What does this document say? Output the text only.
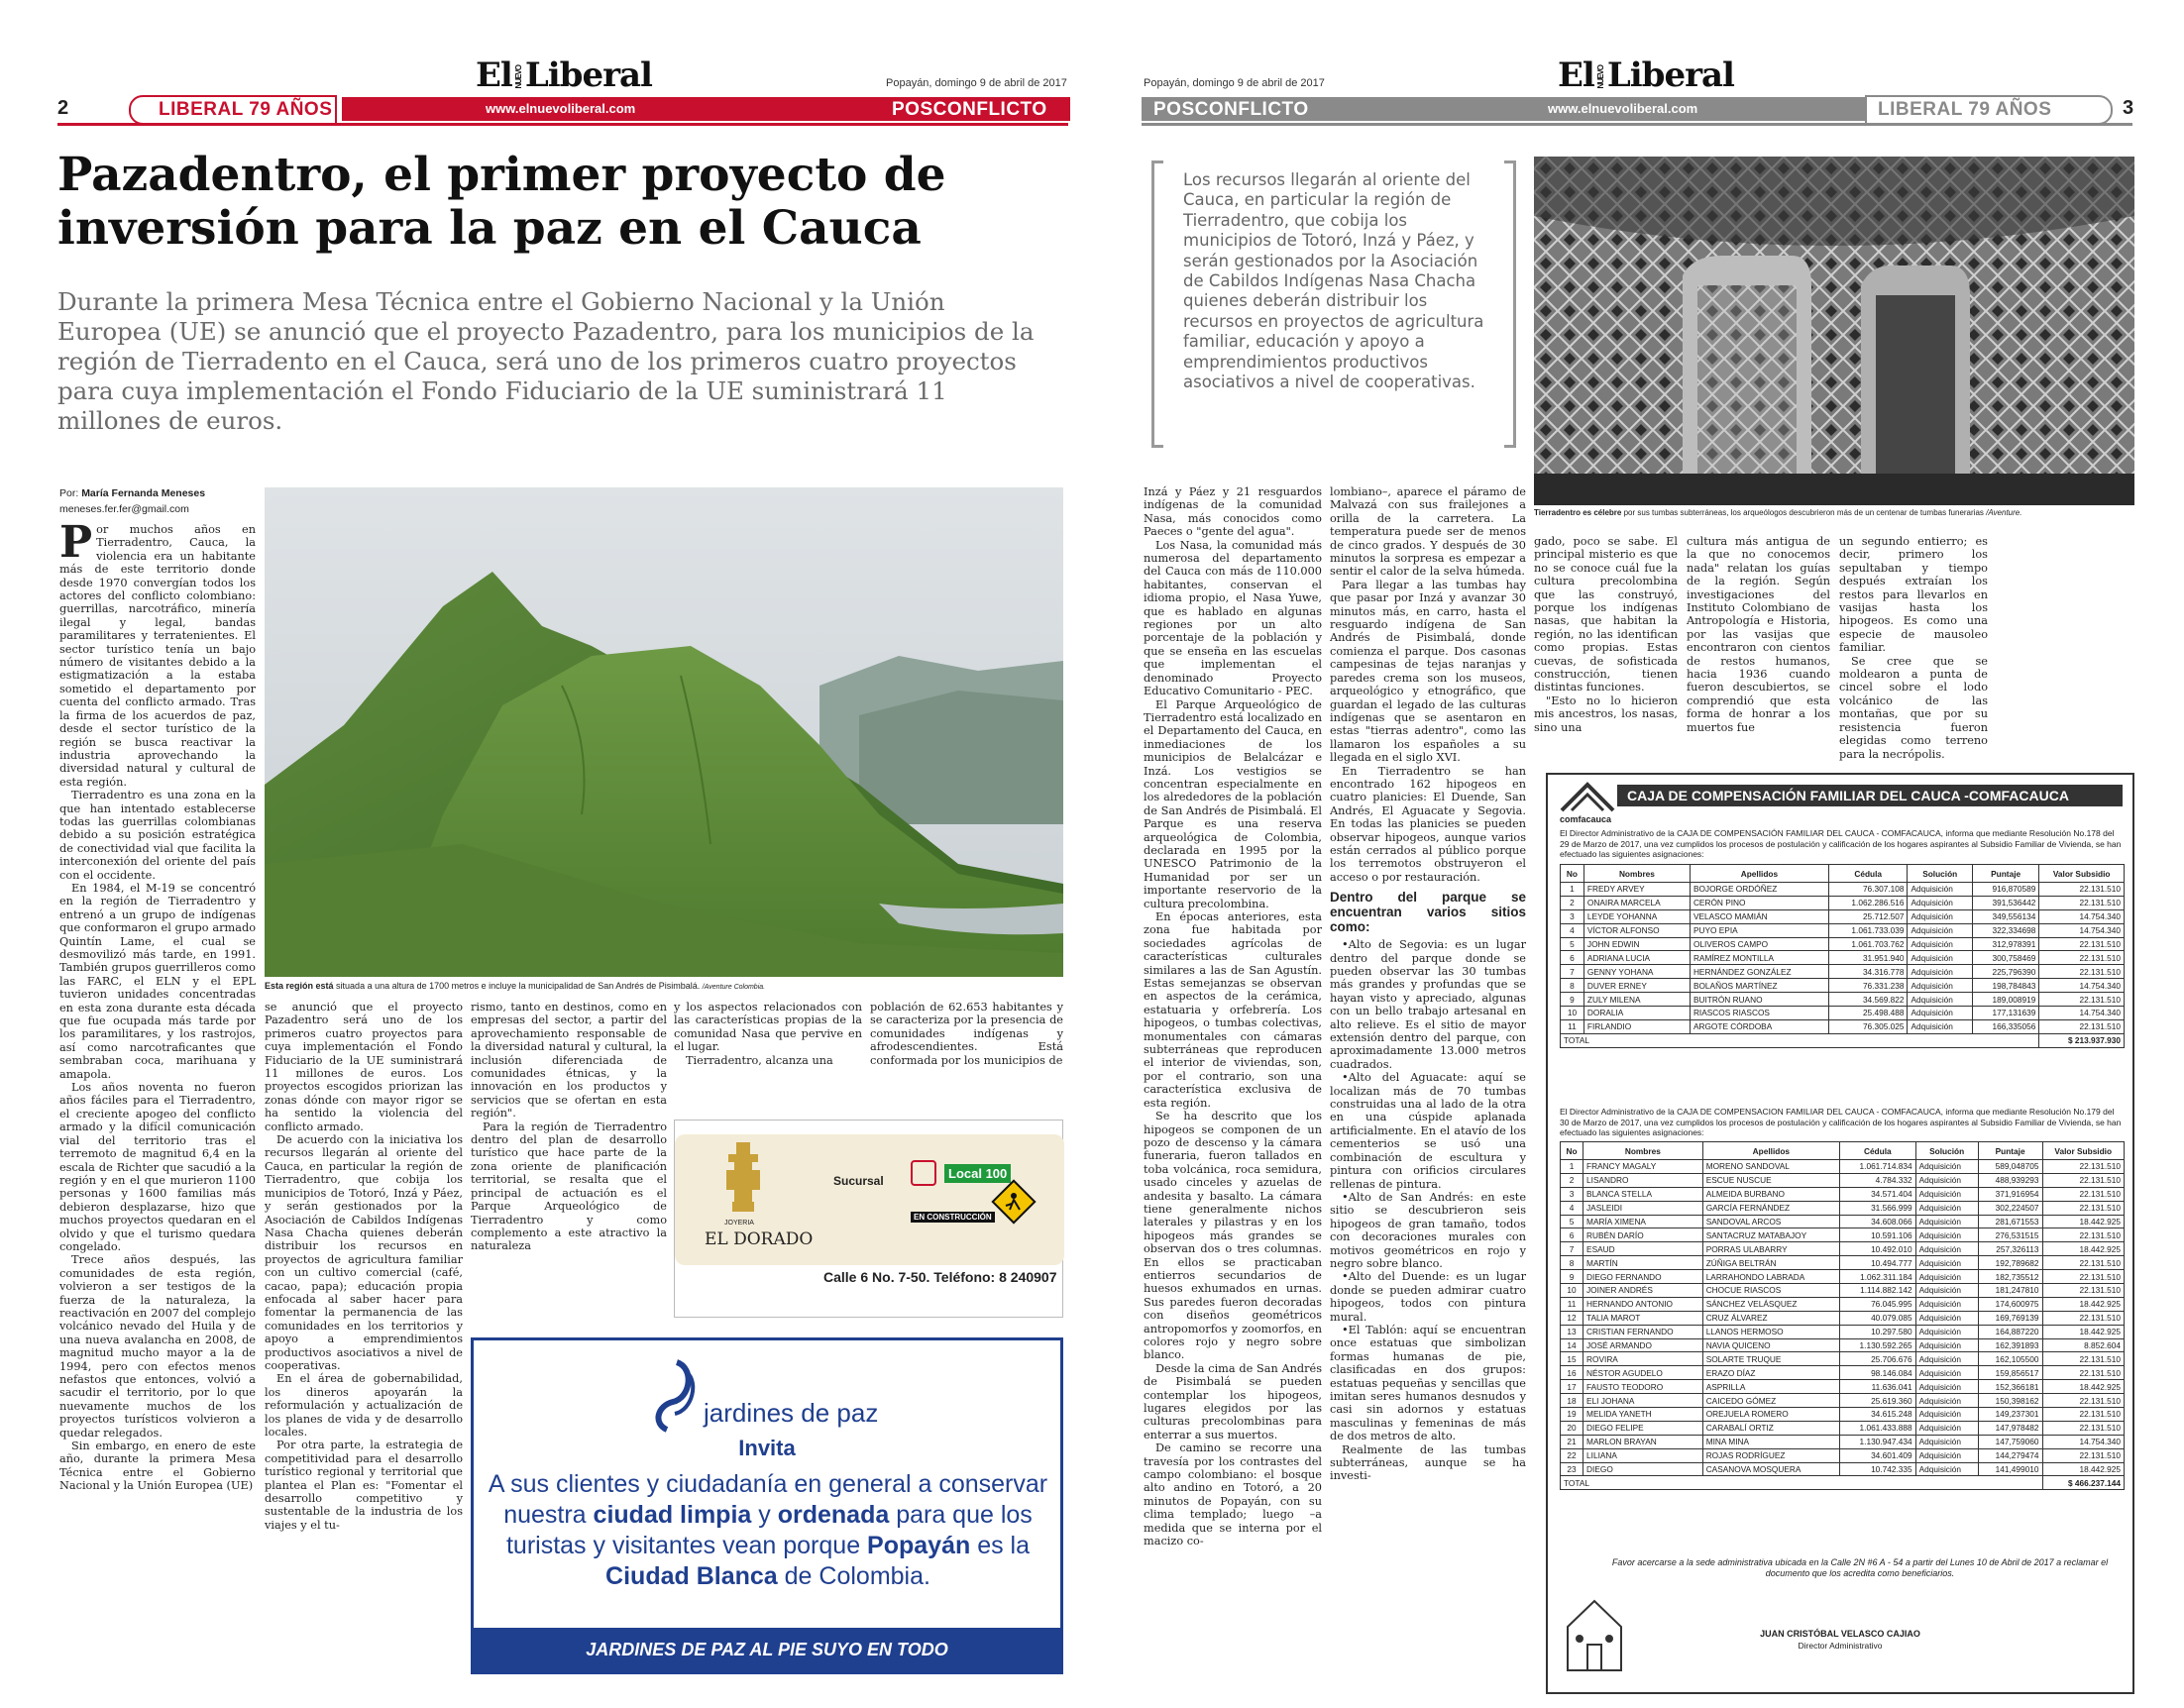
2	LIBERAL 79 AÑOS	www.elnuevoliberal.com	POSCONFLICTO
Popayán, domingo 9 de abril de 2017
El NUEVOLiberal
Pazadentro, el primer proyecto de inversión para la paz en el Cauca
Durante la primera Mesa Técnica entre el Gobierno Nacional y la Unión Europea (UE) se anunció que el proyecto Pazadentro, para los municipios de la región de Tierradento en el Cauca, será uno de los primeros cuatro proyectos para cuya implementación el Fondo Fiduciario de la UE suministrará 11 millones de euros.
Por: María Fernanda Meneses
meneses.fer.fer@gmail.com
Esta región está situada a una altura de 1700 metros e incluye la municipalidad de San Andrés de Pisimbalá. /Aventure Colombia.

Por muchos años en Tierradentro, Cauca, la violencia era un habitante más de este territorio donde desde 1970 convergían todos los actores del conflicto colombiano: guerrillas, narcotráfico, minería ilegal y legal, bandas paramilitares y terratenientes. El sector turístico tenía un bajo número de visitantes debido a la estigmatización a la estaba sometido el departamento por cuenta del conflicto armado. Tras la firma de los acuerdos de paz, desde el sector turístico de la región se busca reactivar la industria aprovechando la diversidad natural y cultural de esta región.

Tierradentro es una zona en la que han intentado establecerse todas las guerrillas colombianas debido a su posición estratégica de conectividad vial que facilita la interconexión del oriente del país con el occidente.

En 1984, el M-19 se concentró en la región de Tierradentro y entrenó a un grupo de indígenas que conformaron el grupo armado Quintín Lame, el cual se desmovilizó más tarde, en 1991. También grupos guerrilleros como las FARC, el ELN y el EPL tuvieron unidades concentradas en esta zona durante esta década que fue ocupada más tarde por los paramilitares, y los rastrojos, así como narcotraficantes que sembraban coca, marihuana y amapola.

Los años noventa no fueron años fáciles para el Tierradentro, el creciente apogeo del conflicto armado y la difícil comunicación vial del territorio tras el terremoto de magnitud 6,4 en la escala de Richter que sacudió a la región y en el que murieron 1100 personas y 1600 familias más debieron desplazarse, hizo que muchos proyectos quedaran en el olvido y que el turismo quedara congelado.

Trece años después, las comunidades de esta región, volvieron a ser testigos de la fuerza de la naturaleza, la reactivación en 2007 del complejo volcánico nevado del Huila y de una nueva avalancha en 2008, de magnitud mucho mayor a la de 1994, pero con efectos menos nefastos que entonces, volvió a sacudir el territorio, por lo que nuevamente muchos de los proyectos turísticos volvieron a quedar relegados.

Sin embargo, en enero de este año, durante la primera Mesa Técnica entre el Gobierno Nacional y la Unión Europea (UE)

se anunció que el proyecto Pazadentro será uno de los primeros cuatro proyectos para cuya implementación el Fondo Fiduciario de la UE suministrará 11 millones de euros. Los proyectos escogidos priorizan las zonas dónde con mayor rigor se ha sentido la violencia del conflicto armado.

De acuerdo con la iniciativa los recursos llegarán al oriente del Cauca, en particular la región de Tierradentro, que cobija los municipios de Totoró, Inzá y Páez, y serán gestionados por la Asociación de Cabildos Indígenas Nasa Chacha quienes deberán distribuir los recursos en proyectos de agricultura familiar con un cultivo comercial (café, cacao, papa); educación propia enfocada al saber hacer para fomentar la permanencia de las comunidades en los territorios y apoyo a emprendimientos productivos asociativos a nivel de cooperativas.

En el área de gobernabilidad, los dineros apoyarán la reformulación y actualización de los planes de vida y de desarrollo locales.

Por otra parte, la estrategia de competitividad para el desarrollo turístico regional y territorial que plantea el Plan es: "Fomentar el desarrollo competitivo y sustentable de la industria de los viajes y el tu-

rismo, tanto en destinos, como en empresas del sector, a partir del aprovechamiento responsable de la diversidad natural y cultural, la inclusión diferenciada de comunidades étnicas, y la innovación en los productos y servicios que se ofertan en esta región".

Para la región de Tierradentro dentro del plan de desarrollo turístico que hace parte de la zona oriente de planificación territorial, se resalta que el principal de actuación es el Parque Arqueológico de Tierradentro y como complemento a este atractivo la naturaleza

y los aspectos relacionados con las características propias de la comunidad Nasa que pervive en el lugar.

Tierradentro, alcanza una

población de 62.653 habitantes y se caracteriza por la presencia de comunidades indígenas y afrodescendientes. Está conformada por los municipios de

JOYERIA
EL DORADO
Sucursal	Local 100
EN CONSTRUCCIÓN
Calle 6 No. 7-50. Teléfono: 8 240907
jardines de paz
Invita
A sus clientes y ciudadanía en general a conservar nuestra ciudad limpia y ordenada para que los turistas y visitantes vean porque Popayán es la Ciudad Blanca de Colombia.
JARDINES DE PAZ AL PIE SUYO EN TODO
Popayán, domingo 9 de abril de 2017	El NUEVOLiberal
POSCONFLICTO	www.elnuevoliberal.com	LIBERAL 79 AÑOS	3
Los recursos llegarán al oriente del Cauca, en particular la región de Tierradentro, que cobija los municipios de Totoró, Inzá y Páez, y serán gestionados por la Asociación de Cabildos Indígenas Nasa Chacha quienes deberán distribuir los recursos en proyectos de agricultura familiar, educación y apoyo a emprendimientos productivos asociativos a nivel de cooperativas.
Tierradentro es célebre por sus tumbas subterráneas, los arqueólogos descubrieron más de un centenar de tumbas funerarias /Aventure.

Inzá y Páez y 21 resguardos indígenas de la comunidad Nasa, más conocidos como Paeces o "gente del agua".

Los Nasa, la comunidad más numerosa del departamento del Cauca con más de 110.000 habitantes, conservan el idioma propio, el Nasa Yuwe, que es hablado en algunas regiones por un alto porcentaje de la población y que se enseña en las escuelas que implementan el denominado Proyecto Educativo Comunitario - PEC.

El Parque Arqueológico de Tierradentro está localizado en el Departamento del Cauca, en inmediaciones de los municipios de Belalcázar e Inzá. Los vestigios se concentran especialmente en los alrededores de la población de San Andrés de Pisimbalá. El Parque es una reserva arqueológica de Colombia, declarada en 1995 por la UNESCO Patrimonio de la Humanidad por ser un importante reservorio de la cultura precolombina.

En épocas anteriores, esta zona fue habitada por sociedades agrícolas de características culturales similares a las de San Agustín. Estas semejanzas se observan en aspectos de la cerámica, estatuaria y orfebrería. Los hipogeos, o tumbas colectivas, monumentales con cámaras subterráneas que reproducen el interior de viviendas, son, por el contrario, son una característica exclusiva de esta región.

Se ha descrito que los hipogeos se componen de un pozo de descenso y la cámara funeraria, fueron tallados en toba volcánica, roca semidura, usado cinceles y azuelas de andesita y basalto. La cámara tiene generalmente nichos laterales y pilastras y en los hipogeos más grandes se observan dos o tres columnas. En ellos se practicaban entierros secundarios de huesos exhumados en urnas. Sus paredes fueron decoradas con diseños geométricos antropomorfos y zoomorfos, en colores rojo y negro sobre blanco.

Desde la cima de San Andrés de Pisimbalá se pueden contemplar los hipogeos, lugares elegidos por las culturas precolombinas para enterrar a sus muertos.

De camino se recorre una travesía por los contrastes del campo colombiano: el bosque alto andino en Totoró, a 20 minutos de Popayán, con su clima templado; luego –a medida que se interna por el macizo co-

lombiano–, aparece el páramo de Malvazá con sus frailejones a orilla de la carretera. La temperatura puede ser de menos de cinco grados. Y después de 30 minutos la sorpresa es empezar a sentir el calor de la selva húmeda.

Para llegar a las tumbas hay que pasar por Inzá y avanzar 30 minutos más, en carro, hasta el resguardo indígena de San Andrés de Pisimbalá, donde comienza el parque. Dos casonas campesinas de tejas naranjas y paredes crema son los museos, arqueológico y etnográfico, que guardan el legado de las culturas indígenas que se asentaron en estas "tierras adentro", como las llamaron los españoles a su llegada en el siglo XVI.

En Tierradentro se han encontrado 162 hipogeos en cuatro planicies: El Duende, San Andrés, El Aguacate y Segovia. En todas las planicies se pueden observar hipogeos, aunque varios están cerrados al público porque los terremotos obstruyeron el acceso o por restauración.

Dentro del parque se encuentran varios sitios como:

•Alto de Segovia: es un lugar dentro del parque donde se pueden observar las 30 tumbas más grandes y profundas que se hayan visto y apreciado, algunas con un bello trabajo artesanal en alto relieve. Es el sitio de mayor extensión dentro del parque, con aproximadamente 13.000 metros cuadrados.

•Alto del Aguacate: aquí se localizan más de 70 tumbas construidas una al lado de la otra en una cúspide aplanada artificialmente. En el atavío de los cementerios se usó una combinación de escultura y pintura con orificios circulares rellenas de pintura.

•Alto de San Andrés: en este sitio se descubrieron seis hipogeos de gran tamaño, todos con decoraciones murales con motivos geométricos en rojo y negro sobre blanco.

•Alto del Duende: es un lugar donde se pueden admirar cuatro hipogeos, todos con pintura mural.

•El Tablón: aquí se encuentran once estatuas que simbolizan formas humanas de pie, clasificadas en dos grupos: estatuas pequeñas y sencillas que imitan seres humanos desnudos y casi sin adornos y estatuas masculinas y femeninas de más de dos metros de alto.

Realmente de las tumbas subterráneas, aunque se ha investi-

gado, poco se sabe. El principal misterio es que no se conoce cuál fue la cultura precolombina que las construyó, porque los indígenas nasas, que habitan la región, no las identifican como propias. Estas cuevas, de sofisticada construcción, tienen distintas funciones.

"Esto no lo hicieron mis ancestros, los nasas, sino una

cultura más antigua de la que no conocemos nada" relatan los guías de la región. Según investigaciones del Instituto Colombiano de Antropología e Historia, por las vasijas que encontraron con cientos de restos humanos, hacia 1936 cuando fueron descubiertos, se comprendió que esta forma de honrar a los muertos fue

un segundo entierro; es decir, primero los sepultaban y tiempo después extraían los restos para llevarlos en vasijas hasta los hipogeos. Es como una especie de mausoleo familiar.

Se cree que se moldearon a punta de cincel sobre el lodo volcánico de las montañas, que por su resistencia fueron elegidas como terreno para la necrópolis.

CAJA DE COMPENSACIÓN FAMILIAR DEL CAUCA -COMFACAUCA
comfacauca
El Director Administrativo de la CAJA DE COMPENSACIÓN FAMILIAR DEL CAUCA - COMFACAUCA, informa que mediante Resolución No.178 del 29 de Marzo de 2017, una vez cumplidos los procesos de postulación y calificación de los hogares aspirantes al Subsidio Familiar de Vivienda, se han efectuado las siguientes asignaciones:
No	Nombres	Apellidos	Cédula	Solución	Puntaje	Valor Subsidio
1	FREDY ARVEY	BOJORGE ORDÓÑEZ	76.307.108	Adquisición	916,870589	22.131.510
2	ONAIRA MARCELA	CERÓN PINO	1.062.286.516	Adquisición	391,536442	22.131.510
3	LEYDE YOHANNA	VELASCO MAMIÁN	25.712.507	Adquisición	349,556134	14.754.340
4	VÍCTOR ALFONSO	PUYO EPIA	1.061.733.039	Adquisición	322,334698	14.754.340
5	JOHN EDWIN	OLIVEROS CAMPO	1.061.703.762	Adquisición	312,978391	22.131.510
6	ADRIANA LUCIA	RAMÍREZ MONTILLA	31.951.940	Adquisición	300,758469	22.131.510
7	GENNY YOHANA	HERNÁNDEZ GONZÁLEZ	34.316.778	Adquisición	225,796390	22.131.510
8	DUVER ERNEY	BOLAÑOS MARTÍNEZ	76.331.238	Adquisición	198,784843	14.754.340
9	ZULY MILENA	BUITRÓN RUANO	34.569.822	Adquisición	189,008919	22.131.510
10	DORALIA	RIASCOS RIASCOS	25.498.488	Adquisición	177,131639	14.754.340
11	FIRLANDIO	ARGOTE CÓRDOBA	76.305.025	Adquisición	166,335056	22.131.510
TOTAL						$ 213.937.930
El Director Administrativo de la CAJA DE COMPENSACION FAMILIAR DEL CAUCA - COMFACAUCA, informa que mediante Resolución No.179 del 30 de Marzo de 2017, una vez cumplidos los procesos de postulación y calificación de los hogares aspirantes al Subsidio Familiar de Vivienda, se han efectuado las siguientes asignaciones:
No	Nombres	Apellidos	Cédula	Solución	Puntaje	Valor Subsidio
1	FRANCY MAGALY	MORENO SANDOVAL	1.061.714.834	Adquisición	589,048705	22.131.510
2	LISANDRO	ESCUE NUSCUE	4.784.332	Adquisición	488,939293	22.131.510
3	BLANCA STELLA	ALMEIDA BURBANO	34.571.404	Adquisición	371,916954	22.131.510
4	JASLEIDI	GARCÍA FERNÁNDEZ	31.566.999	Adquisición	302,224507	22.131.510
5	MARÍA XIMENA	SANDOVAL ARCOS	34.608.066	Adquisición	281,671553	18.442.925
6	RUBÉN DARÍO	SANTACRUZ MATABAJOY	10.591.106	Adquisición	276,531515	22.131.510
7	ESAUD	PORRAS ULABARRY	10.492.010	Adquisición	257,326113	18.442.925
8	MARTÍN	ZÚÑIGA BELTRÁN	10.494.777	Adquisición	192,789682	22.131.510
9	DIEGO FERNANDO	LARRAHONDO LABRADA	1.062.311.184	Adquisición	182,735512	22.131.510
10	JOINER ANDRÉS	CHOCUE RIASCOS	1.114.882.142	Adquisición	181,247810	22.131.510
11	HERNANDO ANTONIO	SÁNCHEZ VELÁSQUEZ	76.045.995	Adquisición	174,600975	18.442.925
12	TALIA MAROT	CRUZ ÁLVAREZ	40.079.085	Adquisición	169,769139	22.131.510
13	CRISTIAN FERNANDO	LLANOS HERMOSO	10.297.580	Adquisición	164,887220	18.442.925
14	JOSÉ ARMANDO	NAVIA QUICENO	1.130.592.265	Adquisición	162,391893	8.852.604
15	ROVIRA	SOLARTE TRUQUE	25.706.676	Adquisición	162,105500	22.131.510
16	NÉSTOR AGUDELO	ERAZO DÍAZ	98.146.084	Adquisición	159,856517	22.131.510
17	FAUSTO TEODORO	ASPRILLA	11.636.041	Adquisición	152,366181	18.442.925
18	ELI JOHANA	CAICEDO GÓMEZ	25.619.360	Adquisición	150,398162	22.131.510
19	MELIDA YANETH	OREJUELA ROMERO	34.615.248	Adquisición	149,237301	22.131.510
20	DIEGO FELIPE	CARABALÍ ORTIZ	1.061.433.888	Adquisición	147,978482	22.131.510
21	MARLON BRAYAN	MINA MINA	1.130.947.434	Adquisición	147,759060	14.754.340
22	LILIANA	ROJAS RODRÍGUEZ	34.601.409	Adquisición	144,279474	22.131.510
23	DIEGO	CASANOVA MOSQUERA	10.742.335	Adquisición	141,499010	18.442.925
TOTAL						$ 466.237.144
Favor acercarse a la sede administrativa ubicada en la Calle 2N #6 A - 54 a partir del Lunes 10 de Abril de 2017 a reclamar el documento que los acredita como beneficiarios.
JUAN CRISTÓBAL VELASCO CAJIAO
Director Administrativo
